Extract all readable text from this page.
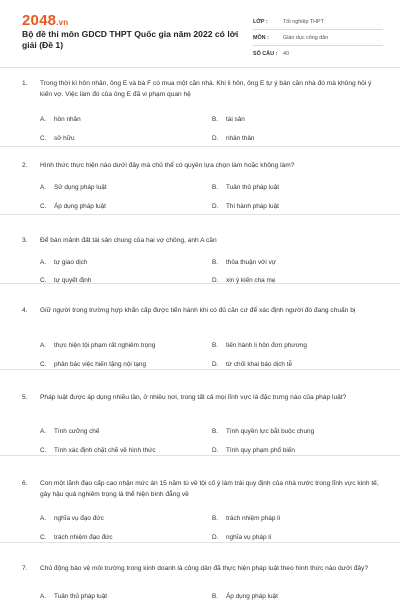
2048.vn
Bộ đề thi môn GDCD THPT Quốc gia năm 2022 có lời giải (Đề 1)
LỚP :	Tốt nghiệp THPT
MÔN :	Giáo dục công dân
SỐ CÂU :	40
1. Trong thời kì hôn nhân, ông E và bà F có mua một căn nhà. Khi li hôn, ông E tự ý bán căn nhà đó mà không hỏi ý kiến vợ. Việc làm đó của ông E đã vi phạm quan hệ
A. hôn nhân	B. tài sản
C. sở hữu	D. nhân thân
2. Hình thức thực hiện nào dưới đây mà chủ thể có quyền lựa chọn làm hoặc không làm?
A. Sử dụng pháp luật	B. Tuân thủ pháp luật
C. Áp dụng pháp luật	D. Thi hành pháp luật
3. Để bán mảnh đất tài sản chung của hai vợ chồng, anh A cần
A. tự giao dịch	B. thỏa thuận với vợ
C. tự quyết định	D. xin ý kiến cha mẹ
4. Giữ người trong trường hợp khẩn cấp được tiến hành khi có đủ căn cứ để xác định người đó đang chuẩn bị
A. thực hiện tội phạm rất nghiêm trọng	B. tiến hành li hôn đơn phương
C. phản bác việc hiến tặng nội tạng	D. từ chối khai báo dịch tễ
5. Pháp luật được áp dụng nhiều lần, ở nhiều nơi, trong tất cả mọi lĩnh vực là đặc trưng nào của pháp luật?
A. Tính cưỡng chế	B. Tính quyền lực bắt buộc chung
C. Tính xác định chặt chẽ về hình thức	D. Tính quy phạm phổ biến
6. Con một lãnh đạo cấp cao nhận mức án 15 năm tù về tội cố ý làm trái quy định của nhà nước trong lĩnh vực kinh tế, gây hậu quả nghiêm trọng là thể hiện bình đẳng về
A. nghĩa vụ đạo đức	B. trách nhiệm pháp lí
C. trách nhiệm đạo đức	D. nghĩa vụ pháp lí
7. Chủ động bảo vệ môi trường trong kinh doanh là công dân đã thực hiện pháp luật theo hình thức nào dưới đây?
A. Tuân thủ pháp luật	B. Áp dụng pháp luật
